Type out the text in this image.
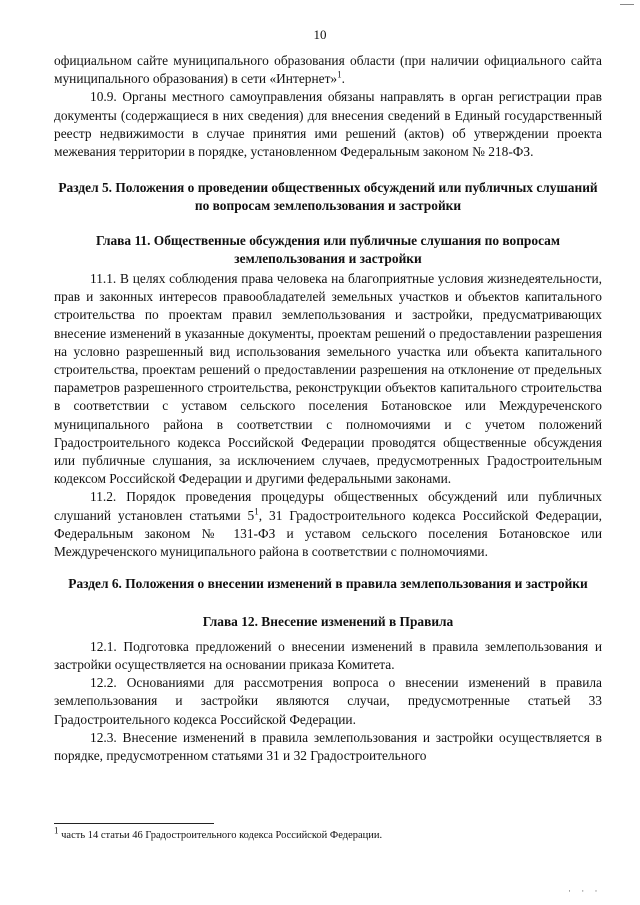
10

официальном сайте муниципального образования области (при наличии официального сайта муниципального образования) в сети «Интернет»$^1$.

10.9. Органы местного самоуправления обязаны направлять в орган регистрации прав документы (содержащиеся в них сведения) для внесения сведений в Единый государственный реестр недвижимости в случае принятия ими решений (актов) об утверждении проекта межевания территории в порядке, установленном Федеральным законом № 218-ФЗ.

Раздел 5. Положения о проведении общественных обсуждений или публичных слушаний по вопросам землепользования и застройки
Глава 11. Общественные обсуждения или публичные слушания по вопросам землепользования и застройки

11.1. В целях соблюдения права человека на благоприятные условия жизнедеятельности, прав и законных интересов правообладателей земельных участков и объектов капитального строительства по проектам правил землепользования и застройки, предусматривающих внесение изменений в указанные документы, проектам решений о предоставлении разрешения на условно разрешенный вид использования земельного участка или объекта капитального строительства, проектам решений о предоставлении разрешения на отклонение от предельных параметров разрешенного строительства, реконструкции объектов капитального строительства в соответствии с уставом сельского поселения Ботановское или Междуреченского муниципального района в соответствии с полномочиями и с учетом положений Градостроительного кодекса Российской Федерации проводятся общественные обсуждения или публичные слушания, за исключением случаев, предусмотренных Градостроительным кодексом Российской Федерации и другими федеральными законами.

11.2. Порядок проведения процедуры общественных обсуждений или публичных слушаний установлен статьями $5^1$, 31 Градостроительного кодекса Российской Федерации, Федеральным законом № 131-ФЗ и уставом сельского поселения Ботановское или Междуреченского муниципального района в соответствии с полномочиями.

Раздел 6. Положения о внесении изменений в правила землепользования и застройки
Глава 12. Внесение изменений в Правила

12.1. Подготовка предложений о внесении изменений в правила землепользования и застройки осуществляется на основании приказа Комитета.

12.2. Основаниями для рассмотрения вопроса о внесении изменений в правила землепользования и застройки являются случаи, предусмотренные статьей 33 Градостроительного кодекса Российской Федерации.

12.3. Внесение изменений в правила землепользования и застройки осуществляется в порядке, предусмотренном статьями 31 и 32 Градостроительного

$^1$ часть 14 статьи 46 Градостроительного кодекса Российской Федерации.
· · ·
